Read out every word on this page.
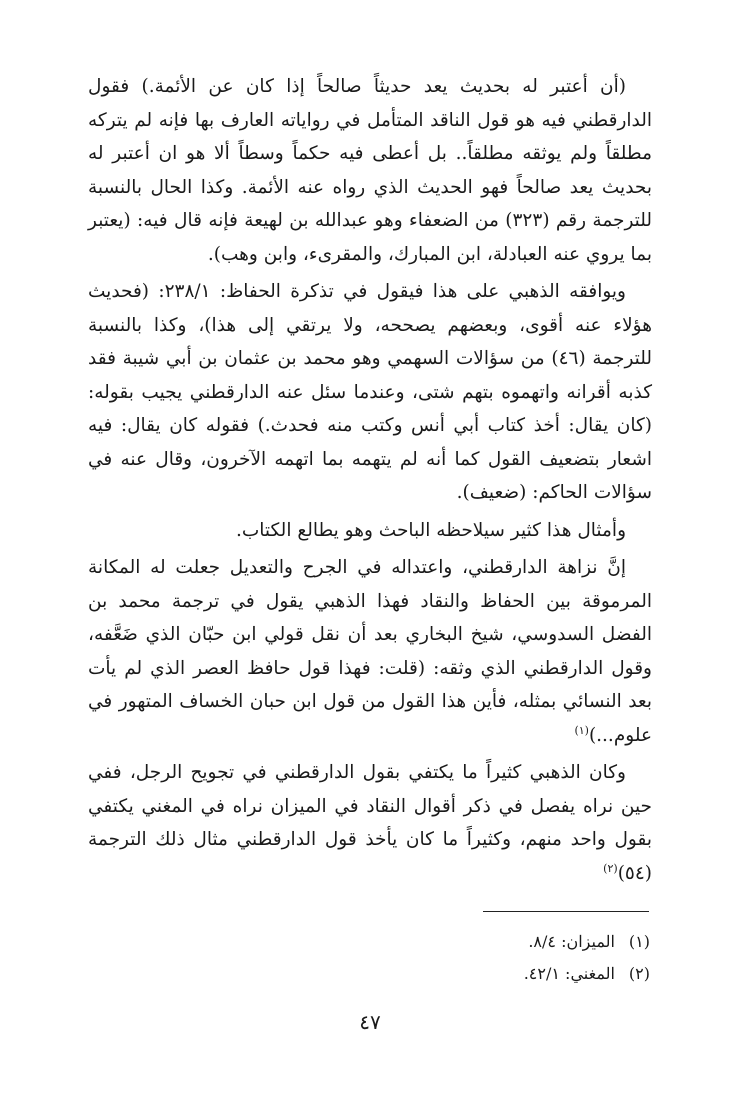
(أن أعتبر له بحديث يعد حديثاً صالحاً إذا كان عن الأئمة.) فقول الدارقطني فيه هو قول الناقد المتأمل في رواياته العارف بها فإنه لم يتركه مطلقاً ولم يوثقه مطلقاً.. بل أعطى فيه حكماً وسطاً ألا هو ان أعتبر له بحديث يعد صالحاً فهو الحديث الذي رواه عنه الأئمة. وكذا الحال بالنسبة للترجمة رقم (٣٢٣) من الضعفاء وهو عبدالله بن لهيعة فإنه قال فيه: (يعتبر بما يروي عنه العبادلة، ابن المبارك، والمقرىء، وابن وهب).

ويوافقه الذهبي على هذا فيقول في تذكرة الحفاظ: ٢٣٨/١: (فحديث هؤلاء عنه أقوى، وبعضهم يصححه، ولا يرتقي إلى هذا)، وكذا بالنسبة للترجمة (٤٦) من سؤالات السهمي وهو محمد بن عثمان بن أبي شيبة فقد كذبه أقرانه واتهموه بتهم شتى، وعندما سئل عنه الدارقطني يجيب بقوله: (كان يقال: أخذ كتاب أبي أنس وكتب منه فحدث.) فقوله كان يقال: فيه اشعار بتضعيف القول كما أنه لم يتهمه بما اتهمه الآخرون، وقال عنه في سؤالات الحاكم: (ضعيف).

وأمثال هذا كثير سيلاحظه الباحث وهو يطالع الكتاب.

إنَّ نزاهة الدارقطني، واعتداله في الجرح والتعديل جعلت له المكانة المرموقة بين الحفاظ والنقاد فهذا الذهبي يقول في ترجمة محمد بن الفضل السدوسي، شيخ البخاري بعد أن نقل قولي ابن حبّان الذي ضَعَّفه، وقول الدارقطني الذي وثقه: (قلت: فهذا قول حافظ العصر الذي لم يأت بعد النسائي بمثله، فأين هذا القول من قول ابن حبان الخساف المتهور في علوم...)$^{(١)}$

وكان الذهبي كثيراً ما يكتفي بقول الدارقطني في تجويح الرجل، ففي حين نراه يفصل في ذكر أقوال النقاد في الميزان نراه في المغني يكتفي بقول واحد منهم، وكثيراً ما كان يأخذ قول الدارقطني مثال ذلك الترجمة (٥٤)$^{(٢)}$

(١)الميزان: ٨/٤.
(٢)المغني: ٤٢/١.
٤٧
